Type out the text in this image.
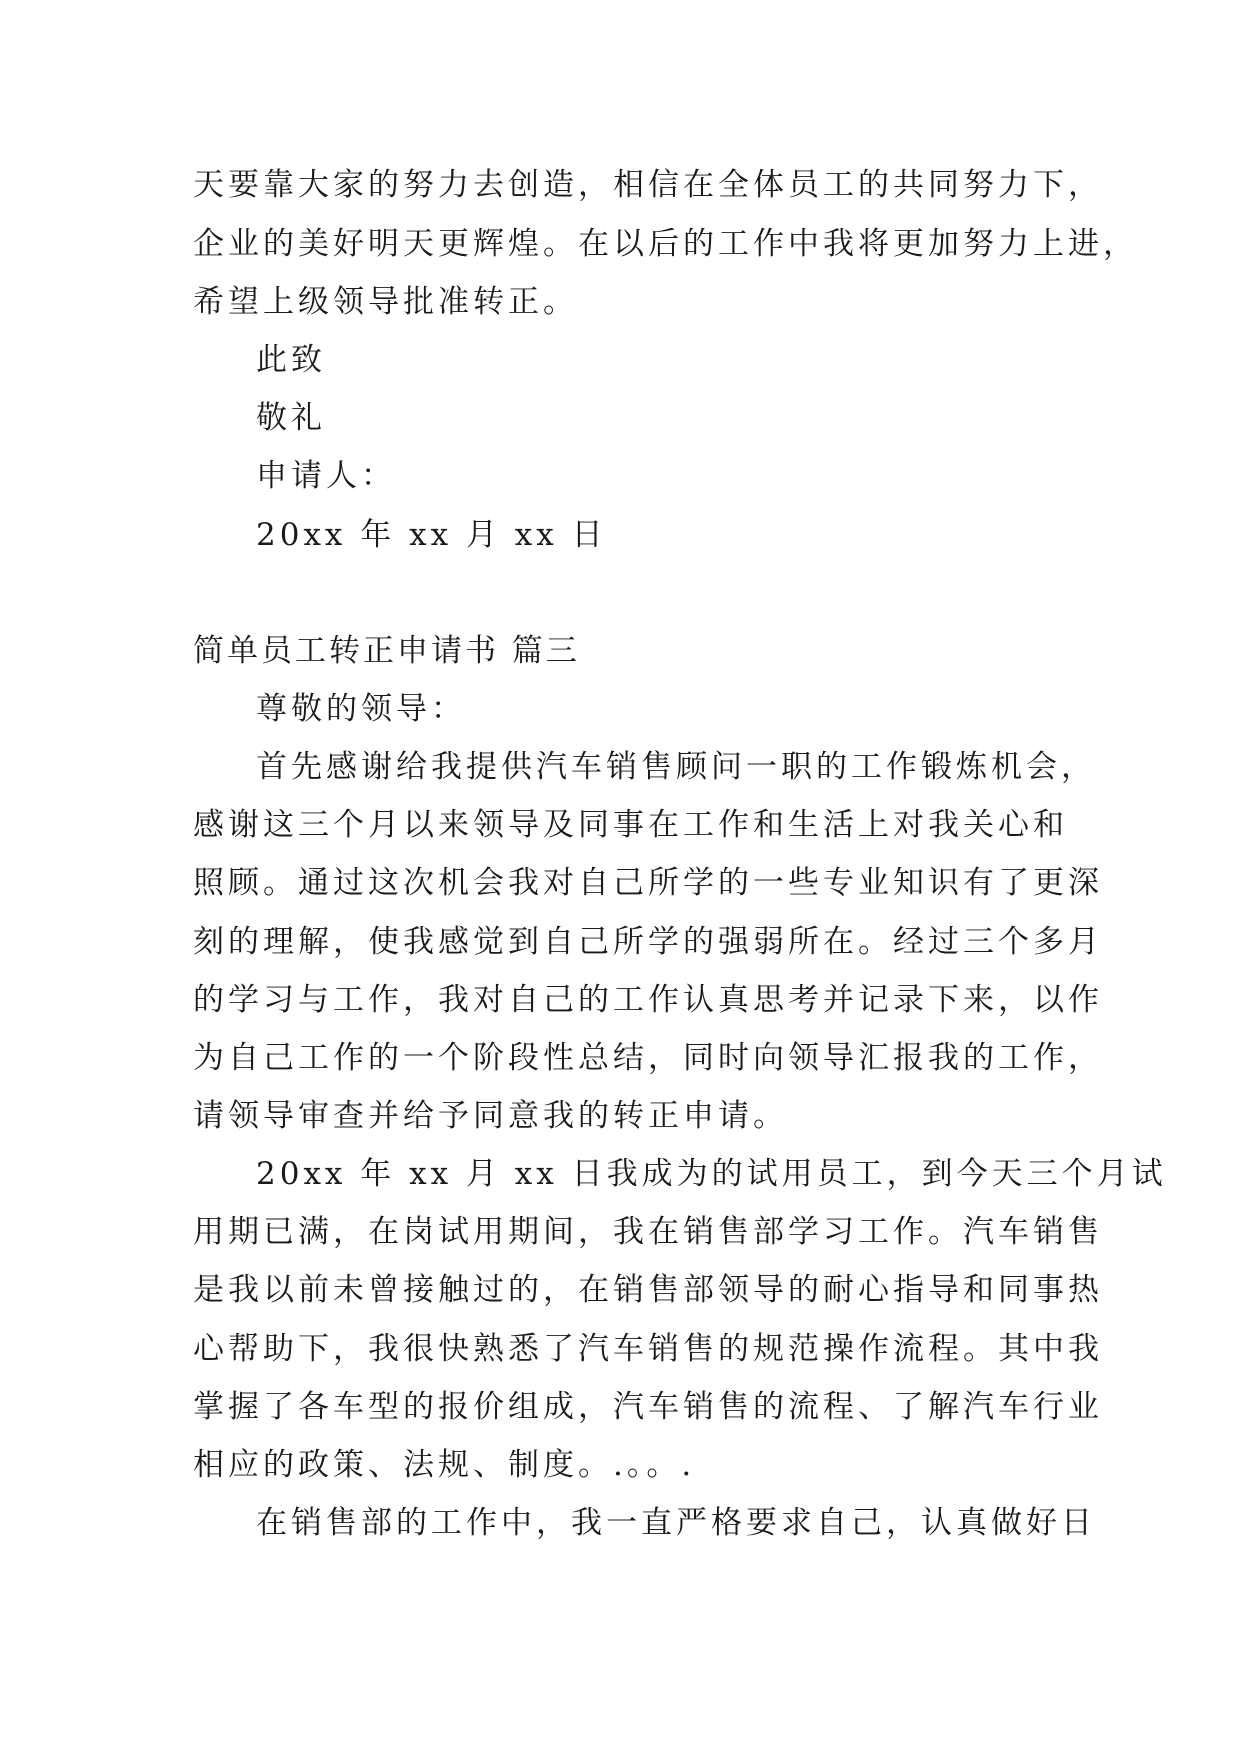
天要靠大家的努力去创造，相信在全体员工的共同努力下，
企业的美好明天更辉煌。在以后的工作中我将更加努力上进，
希望上级领导批准转正。
此致
敬礼
申请人：
20xx 年 xx 月 xx 日
简单员工转正申请书 篇三
尊敬的领导：
首先感谢给我提供汽车销售顾问一职的工作锻炼机会，
感谢这三个月以来领导及同事在工作和生活上对我关心和
照顾。通过这次机会我对自己所学的一些专业知识有了更深
刻的理解，使我感觉到自己所学的强弱所在。经过三个多月
的学习与工作，我对自己的工作认真思考并记录下来，以作
为自己工作的一个阶段性总结，同时向领导汇报我的工作，
请领导审查并给予同意我的转正申请。
20xx 年 xx 月 xx 日我成为的试用员工，到今天三个月试
用期已满，在岗试用期间，我在销售部学习工作。汽车销售
是我以前未曾接触过的，在销售部领导的耐心指导和同事热
心帮助下，我很快熟悉了汽车销售的规范操作流程。其中我
掌握了各车型的报价组成，汽车销售的流程、了解汽车行业
相应的政策、法规、制度。.。。.
在销售部的工作中，我一直严格要求自己，认真做好日
